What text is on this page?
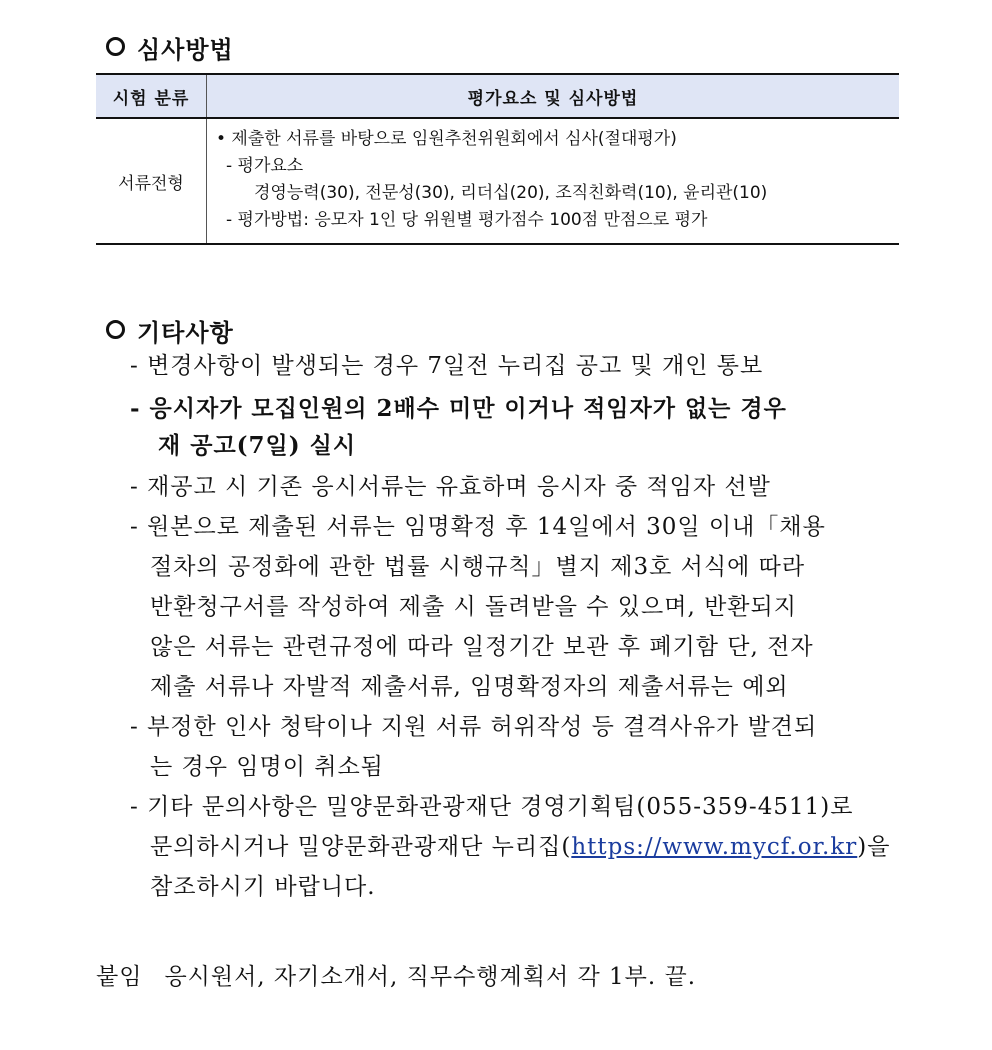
심사방법
시험 분류	평가요소 및 심사방법
서류전형	• 제출한 서류를 바탕으로 임원추천위원회에서 심사(절대평가)
- 평가요소
경영능력(30), 전문성(30), 리더십(20), 조직친화력(10), 윤리관(10)
- 평가방법: 응모자 1인 당 위원별 평가점수 100점 만점으로 평가
기타사항
- 변경사항이 발생되는 경우 7일전 누리집 공고 및 개인 통보
- 응시자가 모집인원의 2배수 미만 이거나 적임자가 없는 경우
재 공고(7일) 실시
- 재공고 시 기존 응시서류는 유효하며 응시자 중 적임자 선발
- 원본으로 제출된 서류는 임명확정 후 14일에서 30일 이내「채용
절차의 공정화에 관한 법률 시행규칙」별지 제3호 서식에 따라
반환청구서를 작성하여 제출 시 돌려받을 수 있으며, 반환되지
않은 서류는 관련규정에 따라 일정기간 보관 후 폐기함 단, 전자
제출 서류나 자발적 제출서류, 임명확정자의 제출서류는 예외
- 부정한 인사 청탁이나 지원 서류 허위작성 등 결격사유가 발견되
는 경우 임명이 취소됨
- 기타 문의사항은 밀양문화관광재단 경영기획팀(055-359-4511)로
문의하시거나 밀양문화관광재단 누리집(https://www.mycf.or.kr)을
참조하시기 바랍니다.
붙임 응시원서, 자기소개서, 직무수행계획서 각 1부. 끝.
